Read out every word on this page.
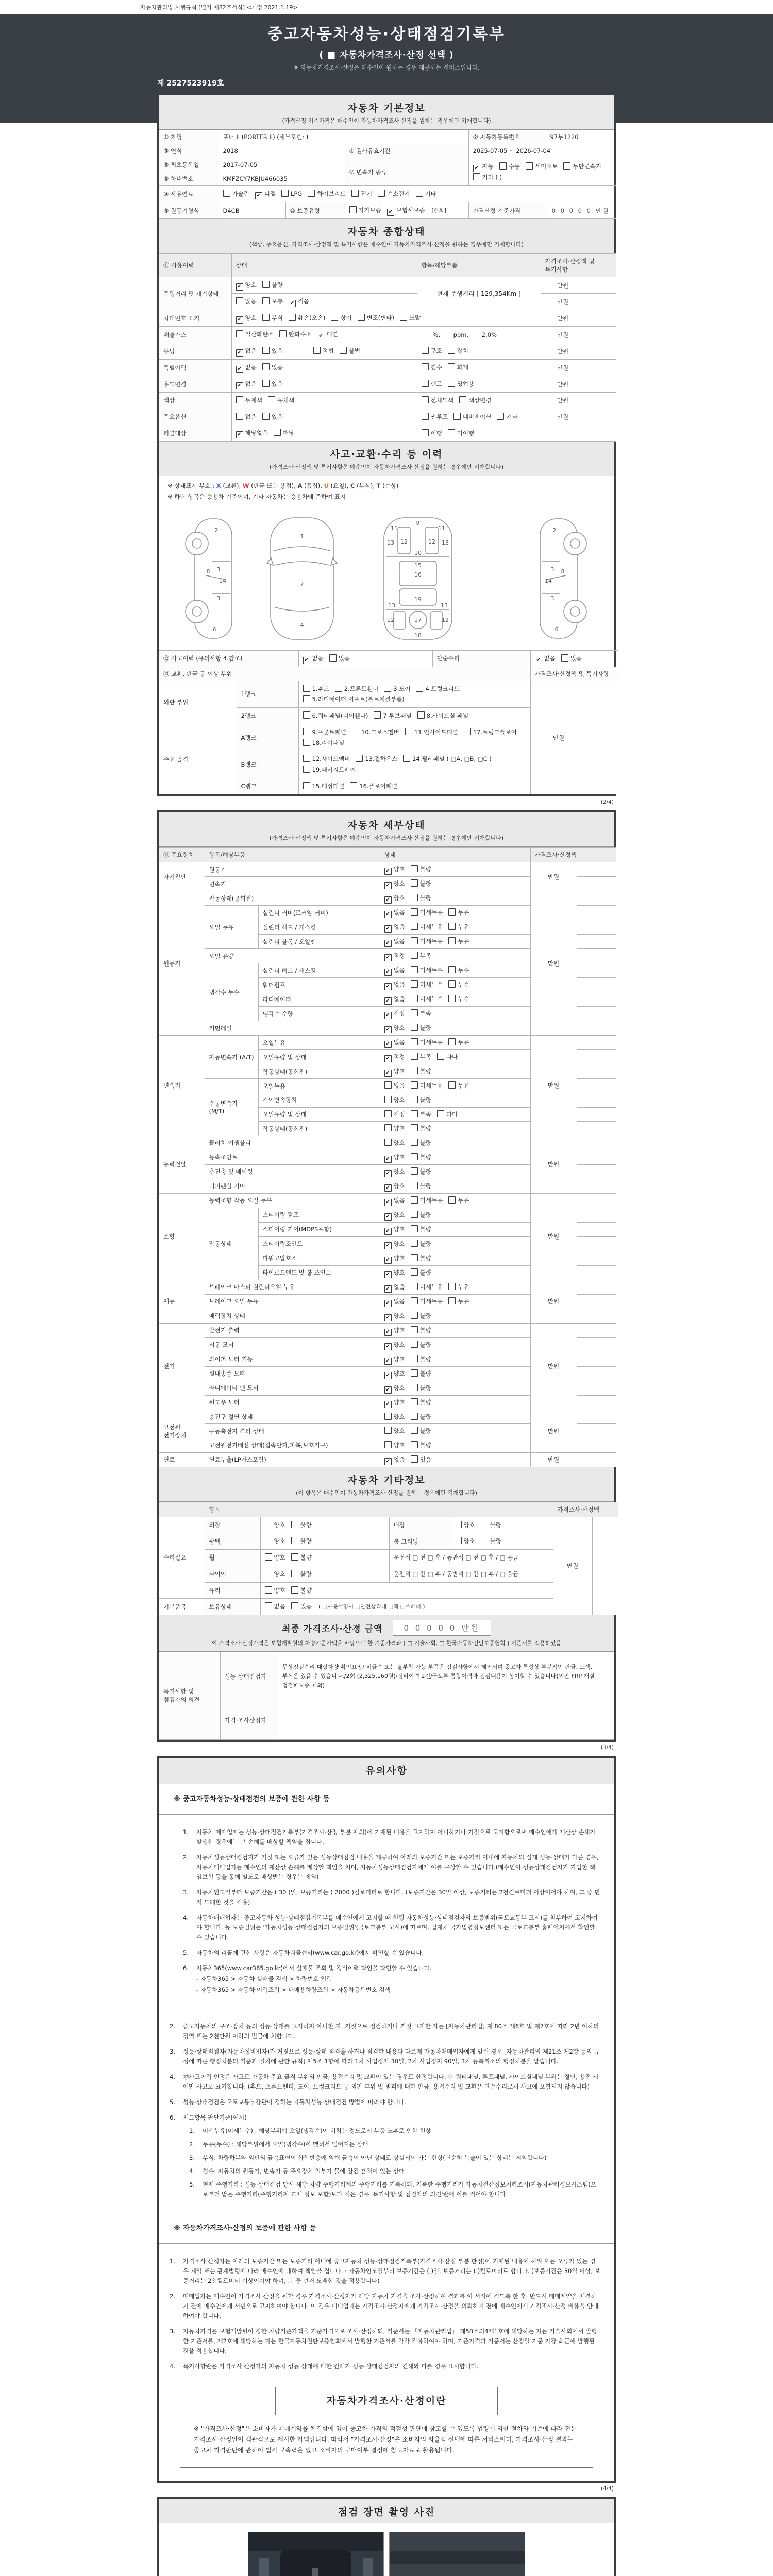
자동차관리법 시행규칙 [별지 제82호서식] <개정 2021.1.19>
중고자동차성능·상태점검기록부
( ■ 자동차가격조사·산정 선택 )
※ 자동차가격조사·산정은 매수인이 원하는 경우 제공하는 서비스입니다.
제 2527523919호
자동차 기본정보
(가격산정 기준가격은 매수인이 자동차가격조사·산정을 원하는 경우에만 기재합니다)
① 차명	포터 II (PORTER II) (세부모델: )			② 자동차등록번호	97누1220
③ 연식	2018		④ 검사유효기간	2025-07-05 ~ 2026-07-04	
⑤ 최초등록일	2017-07-05		⑦ 변속기 종류	✔ 자동 수동 세미오토 무단변속기기타 ( )	
⑥ 차대번호	KMFZCY7KBJU466035				
⑧ 사용연료	가솔린 ✔ 디젤 LPG 하이브리드 전기 수소전기 기타				
⑨ 원동기형식	D4CB	⑩ 보증유형	자가보증 ✔ 보험사보증 [한화]	가격산정 기준가격	0 0 0 0 0 만원
자동차 종합상태
(색상, 주요옵션, 가격조사·산정액 및 특기사항은 매수인이 자동차가격조사·산정을 원하는 경우에만 기재합니다)
⑪ 사용이력	상태		항목/해당부품	가격조사·산정액 및 특기사항	
주행거리 및 계기상태	✔ 양호 불량		현재 주행거리 [ 129,354Km ]	만원	
	많음 보통 ✔ 적음			만원	
차대번호 표기	✔ 양호 부식 훼손(오손) 상이 변조(변타) 도말			만원	
배출가스	일산화탄소 탄화수소 ✔ 매연		%,       ppm,       2.0%	만원	
튜닝	✔ 없음 있음	적법 불법	구조 장치	만원	
특별이력	✔ 없음 있음		침수 화재	만원	
용도변경	✔ 없음 있음		렌트 영업용	만원	
색상	무채색 유채색		전체도색 색상변경	만원	
주요옵션	없음 있음		썬루프 네비게이션 기타	만원	
리콜대상	✔ 해당없음 해당		이행 미이행		
사고·교환·수리 등 이력
(가격조사·산정액 및 특기사항은 매수인이 자동차가격조사·산정을 원하는 경우에만 기재합니다)
※ 상태표시 부호 : X (교환), W (판금 또는 용접), A (흠집), U (요철), C (부식), T (손상)
※ 하단 항목은 승용차 기준이며, 기타 자동차는 승용차에 준하여 표시
2
8 3
14
3
6
1
7
4
11	11
9
13	13
12	12
10
15
16
13	13
19
12	12
17
18
2
8
3
14
3
6
⑫ 사고이력 (유의사항 4.참조)		✔ 없음 있음	단순수리	✔ 없음 있음	
⑬ 교환, 판금 등 이상 부위				가격조사·산정액 및 특기사항	
외판 부위	1랭크	1.후드 2.프론트휀더 3.도어 4.트렁크리드5.라디에이터 서포트(볼트체결부품)		만원	
	2랭크	6.쿼터패널(리어휀다) 7.루브패널 8.사이드실 패널			
주요 골격	A랭크	9.프론트패널 10.크로스멤버 11.인사이드패널 17.트렁크플로어18.리어패널			
	B랭크	12.사이드멤버 13.휠하우스 14.필러패널 ( □A, □B, □C )19.패키지트레이			
	C랭크	15.대쉬패널 16.플로어패널			
(2/4)
자동차 세부상태
(가격조사·산정액 및 특기사항은 매수인이 자동차가격조사·산정을 원하는 경우에만 기재합니다)
⑭ 주요장치	항목/해당부품		상태	가격조사·산정액	
자기진단	원동기		✔ 양호 불량	만원	
	변속기		✔ 양호 불량		
원동기	작동상태(공회전)		✔ 양호 불량	만원	
	오일 누유	실린더 커버(로커암 커버)	✔ 없음 미세누유 누유		
		실린더 헤드 / 개스킷	✔ 없음 미세누유 누유		
		실린더 블록 / 오일팬	✔ 없음 미세누유 누유		
	오일 유량		✔ 적정 부족		
	냉각수 누수	실린더 헤드 / 개스킷	✔ 없음 미세누수 누수		
		워터펌프	✔ 없음 미세누수 누수		
		라디에이터	✔ 없음 미세누수 누수		
		냉각수 수량	✔ 적정 부족		
	커먼레일		✔ 양호 불량		
변속기	자동변속기 (A/T)	오일누유	✔ 없음 미세누유 누유	만원	
		오일유량 및 상태	✔ 적정 부족 과다		
		작동상태(공회전)	✔ 양호 불량		
	수동변속기 (M/T)	오일누유	없음 미세누유 누유		
		기어변속장치	양호 불량		
		오일유량 및 상태	적정 부족 과다		
		작동상태(공회전)	양호 불량		
동력전달	클러치 어셈블리		양호 불량	만원	
	등속조인트		✔ 양호 불량		
	추진축 및 베어링		✔ 양호 불량		
	디퍼렌셜 기어		✔ 양호 불량		
조향	동력조향 작동 오일 누유		✔ 없음 미세누유 누유	만원	
	작동상태	스티어링 펌프	✔ 양호 불량		
		스티어링 기어(MDPS포함)	✔ 양호 불량		
		스티어링조인트	✔ 양호 불량		
		파워고압호스	✔ 양호 불량		
		타이로드엔드 및 볼 조인트	✔ 양호 불량		
제동	브레이크 마스터 실린더오일 누유		✔ 없음 미세누유 누유	만원	
	브레이크 오일 누유		✔ 없음 미세누유 누유		
	배력장치 상태		✔ 양호 불량		
전기	발전기 출력		✔ 양호 불량	만원	
	시동 모터		✔ 양호 불량		
	와이퍼 모터 기능		✔ 양호 불량		
	실내송풍 모터		✔ 양호 불량		
	라디에이터 팬 모터		✔ 양호 불량		
	윈도우 모터		✔ 양호 불량		
고전원 전기장치	충전구 절연 상태		양호 불량	만원	
	구동축전지 격리 상태		양호 불량		
	고전원전기배선 상태(접속단자,피복,보호기구)		양호 불량		
연료	연료누출(LP가스포함)		✔ 없음 있음	만원	
자동차 기타정보
(이 항목은 매수인이 자동차가격조사·산정을 원하는 경우에만 기재합니다)
	항목				가격조사·산정액	
수리필요	외장	양호 불량	내장	양호 불량	만원	
	광택	양호 불량	룸 크리닝	양호 불량		
	휠	양호 불량	운전석 □ 전 □ 후 / 동반석 □ 전 □ 후 / □ 응급			
	타이어	양호 불량	운전석 □ 전 □ 후 / 동반석 □ 전 □ 후 / □ 응급			
	유리	양호 불량				
기본품목	보유상태	없음 있음 ( □사용설명서 □안전삼각대 □잭 □스패너 )				
최종 가격조사·산정 금액	0 0 0 0 0 만원
이 가격조사·산정가격은 보험개발원의 차량기준가액을 바탕으로 한 기준가격과 ( □ 기술사회, □ 한국자동차진단보증협회 ) 기준서를 적용하였음
특기사항 및 점검자의 의견	성능·상태점검자	무상점검수리 대상차량 확인요망/ 비금속 또는 탈부착 가능 부품은 점검사항에서 제외되며 중고차 특성상 부분적인 판금, 도색, 부식은 있을 수 있습니다./2회 (2,325,160원)/정비이력 2건/국토부 통합이력과 점검내용이 상이할 수 있습니다(외판 FRP 재질 점검X 보증 제외)
	가격·조사산정자	
(3/4)
유의사항
※ 중고자동차성능·상태점검의 보증에 관한 사항 등
1.	자동차 매매업자는 성능·상태점검기록부(가격조사·산정 부분 제외)에 기재된 내용을 고지하지 아니하거나 거짓으로 고지함으로써 매수인에게 재산상 손해가 발생한 경우에는 그 손해를 배상할 책임을 집니다.
2.	자동차성능상태점검자가 거짓 또는 오류가 있는 성능상태점검 내용을 제공하여 아래의 보증기간 또는 보증거리 이내에 자동차의 실제 성능·상태가 다른 경우, 자동차매매업자는 매수인의 재산상 손해를 배상할 책임을 지며, 자동차성능상태점검자에게 이를 구상할 수 있습니다.(매수인이 성능상태점검자가 가입한 책임보험 등을 통해 별도로 배상받는 경우는 제외)
3.	자동차인도일부터 보증기간은 ( 30 )일, 보증거리는 ( 2000 )킬로미터로 합니다. (보증기간은 30일 이상, 보증거리는 2천킬로미터 이상이어야 하며, 그 중 먼저 도래한 것을 적용)
4.	자동차매매업자는 중고자동차 성능·상태점검기록부를 매수인에게 고지할 때 현행 자동차성능·상태점검자의 보증범위(국토교통부 고시)를 첨부하여 고지하여야 합니다. 동 보증범위는 '자동차성능·상태점검자의 보증범위'(국토교통부 고시)에 따르며, 법제처 국가법령정보센터 또는 국토교통부 홈페이지에서 확인할 수 있습니다.
5.	자동차의 리콜에 관한 사항은 자동차리콜센터(www.car.go.kr)에서 확인할 수 있습니다.
6.	자동차365(www.car365.go.kr)에서 실매물 조회 및 정비이력 확인을 확인할 수 있습니다.
- 자동차365 > 자동차 실매물 검색 > 차량번호 입력
- 자동차365 > 자동차 이력조회 > 매매용차량조회 > 자동차등록번호 검색
2.	중고자동차의 구조·장치 등의 성능·상태를 고지하지 아니한 자, 거짓으로 점검하거나 거짓 고지한 자는 [자동차관리법] 제 80조 제6호 및 제7호에 따라 2년 이하의 징역 또는 2천만원 이하의 벌금에 처합니다.
3.	성능·상태점검자(자동차정비업자)가 거짓으로 성능·상태 점검을 하거나 점검한 내용과 다르게 자동차매매업자에게 알린 경우 [자동차관리법 제21조 제2항 등의 규정에 따른 행정처분의 기준과 절차에 관한 규칙] 제5조 1항에 따라 1차 사업정지 30일, 2차 사업정지 90일, 3차 등록취소의 행정처분을 받습니다.
4.	⑫사고이력 인정은 사고로 자동차 주요 골격 부위의 판금, 용접수리 및 교환이 있는 경우로 한정합니다. 단 쿼터패널, 루프패널, 사이드실패널 부위는 절단, 용접 시에만 사고로 표기합니다. (후드, 프론트펜더, 도어, 트렁크리드 등 외판 부위 및 범퍼에 대한 판금, 용접수리 및 교환은 단순수리로서 사고에 포함되지 않습니다)
5.	성능·상태점검은 국토교통부장관이 정하는 자동차성능·상태점검 방법에 따라야 합니다.
6.	체크항목 판단기준(예시)
1.	미세누유(미세누수) : 해당부위에 오일(냉각수)이 비치는 정도로서 부품 노후로 인한 현상
2.	누유(누수) : 해당부위에서 오일(냉각수)이 맺혀서 떨어지는 상태
3.	부식: 차량하부와 외판의 금속표면이 화학반응에 의해 금속이 아닌 상태로 상실되어 가는 현상(단순히 녹슬어 있는 상태는 제외합니다)
4.	침수: 자동차의 원동기, 변속기 등 주요장치 일부가 물에 잠긴 흔적이 있는 상태
5.	현재 주행거리 : 성능·상태점검 당시 해당 차량 주행거리계의 주행거리를 기록하되, 기록한 주행거리가 자동차전산정보처리조직(자동차관리정보시스템)으로부터 받은 주행거리(주행거리계 교체 정보 포함)보다 적은 경우 '특기사항 및 점검자의 의견'란에 이를 적어야 합니다.
※ 자동차가격조사·산정의 보증에 관한 사항 등
1.	가격조사·산정자는 아래의 보증기간 또는 보증거리 이내에 중고자동차 성능·상태점검기록부(가격조사·산정 부분 한정)에 기재된 내용에 허위 또는 오류가 있는 경우 계약 또는 관계법령에 따라 매수인에 대하여 책임을 집니다. · 자동차인도일부터 보증기간은 ( )일, 보증거리는 ( )킬로미터로 합니다. (보증기간은 30일 이상, 보증거리는 2천킬로미터 이상이어야 하며, 그 중 먼저 도래한 것을 적용합니다)
2.	매매업자는 매수인이 가격조사·산정을 원할 경우 가격조사·산정자가 해당 자동차 가격을 조사·산정하여 결과를 이 서식에 적도록 한 후, 반드시 매매계약을 체결하기 전에 매수인에게 서면으로 고지하여야 합니다. 이 경우 매매업자는 가격조사·산정자에게 가격조사·산정을 의뢰하기 전에 매수인에게 가격조사·산정 비용을 안내하여야 합니다.
3.	자동차가격은 보험개발원이 정한 차량기준가액을 기준가격으로 조사·산정하되, 기준서는 「자동차관리법」 제58조의4제1호에 해당하는 자는 기술사회에서 발행한 기준서를, 제2호에 해당하는 자는 한국자동차진단보증협회에서 발행한 기준서를 각각 적용하여야 하며, 기준가격과 기준서는 산정일 기준 가장 최근에 발행된 것을 적용합니다.
4.	특기사항란은 가격조사·산정자의 자동차 성능·상태에 대한 견해가 성능·상태점검자의 견해와 다를 경우 표시합니다.
자동차가격조사·산정이란
※ "가격조사·산정"은 소비자가 매매계약을 체결함에 있어 중고차 가격의 적절성 판단에 참고할 수 있도록 법령에 의한 절차와 기준에 따라 전문 가격조사·산정인이 객관적으로 제시한 가액입니다. 따라서 "가격조사·산정"은 소비자의 자율적 선택에 따른 서비스이며, 가격조사·산정 결과는 중고차 가격판단에 관하여 법적 구속력은 없고 소비자의 구매여부 결정에 참고자료로 활용됩니다.
(4/4)
점검 장면 촬영 사진
